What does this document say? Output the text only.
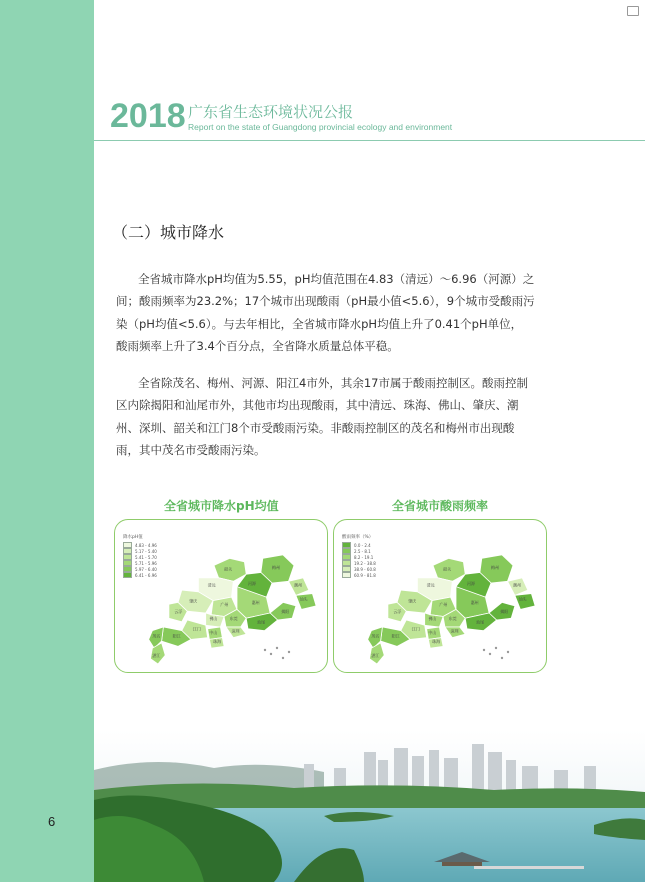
6
2018 广东省生态环境状况公报
Report on the state of Guangdong provincial ecology and environment
（二）城市降水
全省城市降水pH均值为5.55，pH均值范围在4.83（清远）～6.96（河源）之
间；酸雨频率为23.2%；17个城市出现酸雨（pH最小值<5.6），9个城市受酸雨污
染（pH均值<5.6）。与去年相比，全省城市降水pH均值上升了0.41个pH单位，
酸雨频率上升了3.4个百分点，全省降水质量总体平稳。
全省除茂名、梅州、河源、阳江4市外，其余17市属于酸雨控制区。酸雨控制
区内除揭阳和汕尾市外，其他市均出现酸雨，其中清远、珠海、佛山、肇庆、潮
州、深圳、韶关和江门8个市受酸雨污染。非酸雨控制区的茂名和梅州市出现酸
雨，其中茂名市受酸雨污染。
全省城市降水pH均值
韶关	梅州
清远	河源	潮州
肇庆
广州	惠州
汕头
云浮
佛山	东莞
揭阳
江门
中山	深圳
汕尾
阳江
茂名
珠海
湛江
降水pH值
4.83 - 4.96
5.17 - 5.40
5.41 - 5.70
5.71 - 5.96
5.97 - 6.40
6.41 - 6.96
全省城市酸雨频率
韶关	梅州
清远	河源	潮州
肇庆
广州	惠州
汕头
云浮
佛山	东莞
揭阳
江门
中山	深圳
汕尾
阳江
茂名
珠海
湛江
酸雨频率（%）
0.0 - 2.4
2.5 - 8.1
8.2 - 19.1
19.2 - 38.8
38.9 - 60.8
60.9 - 81.8
